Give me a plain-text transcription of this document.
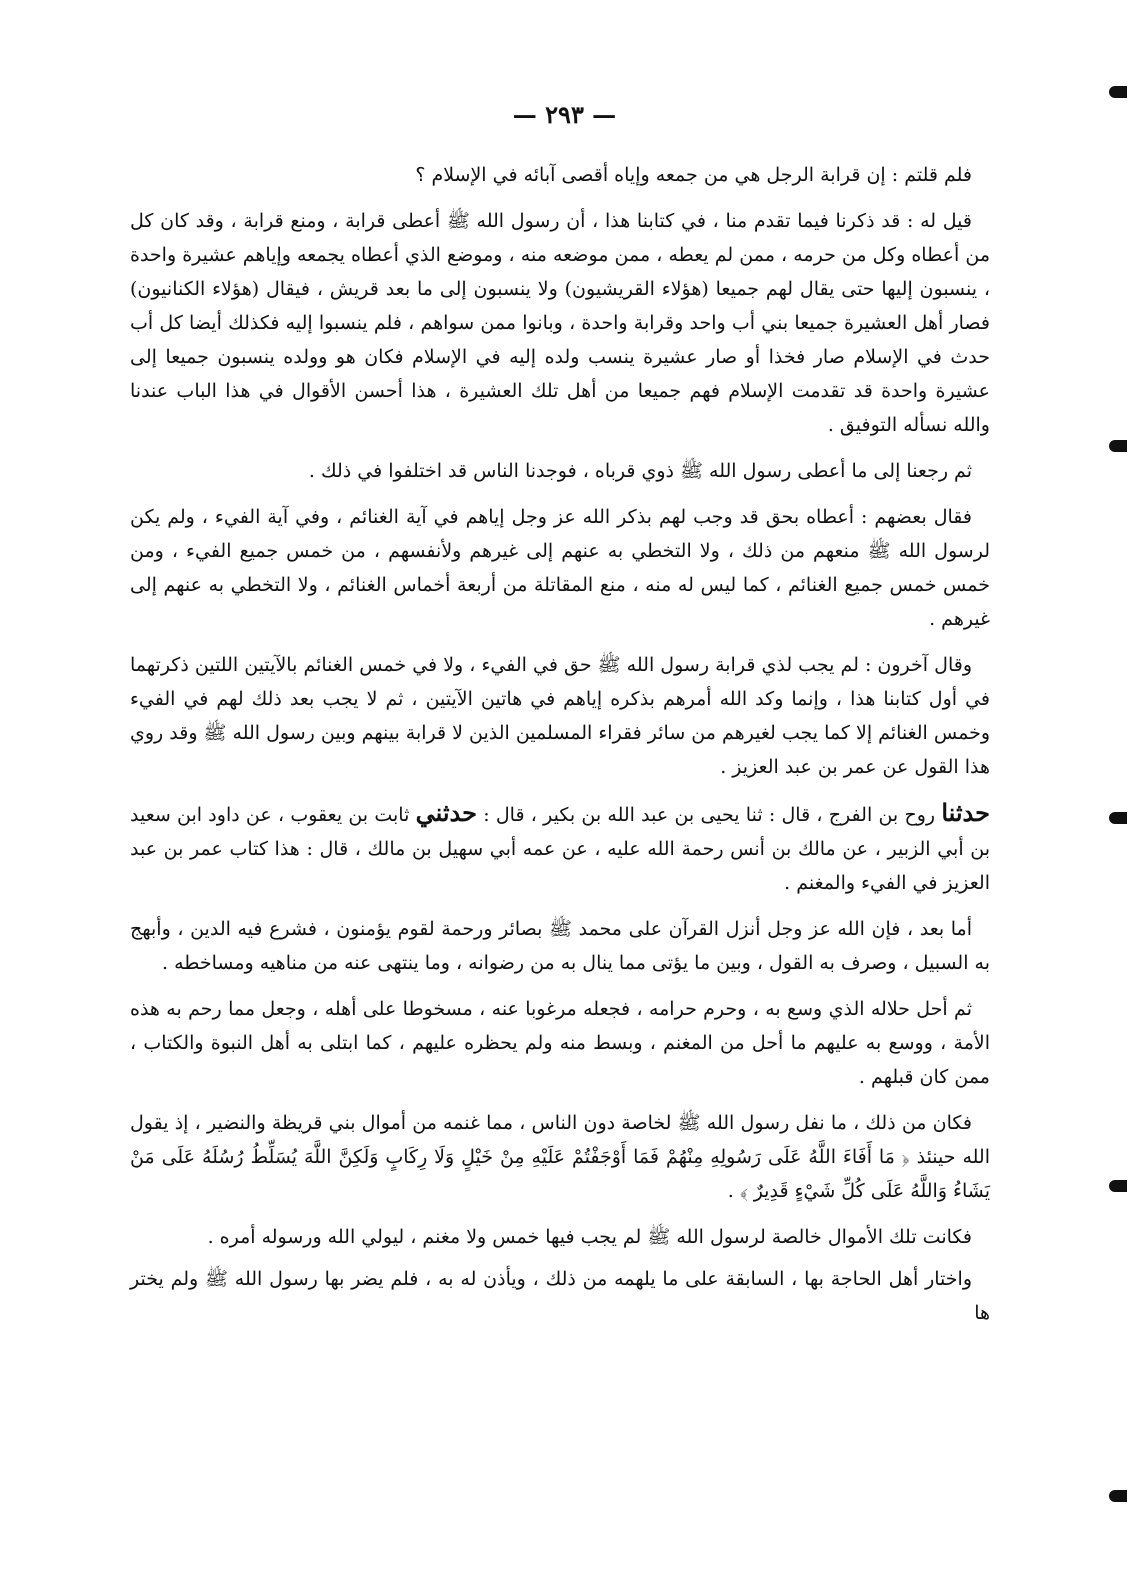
— ٢٩٣ —

فلم قلتم : إن قرابة الرجل هي من جمعه وإياه أقصى آبائه في الإسلام ؟

قيل له : قد ذكرنا فيما تقدم منا ، في كتابنا هذا ، أن رسول الله ﷺ أعطى قرابة ، ومنع قرابة ، وقد كان كل من أعطاه وكل من حرمه ، ممن لم يعطه ، ممن موضعه منه ، وموضع الذي أعطاه يجمعه وإياهم عشيرة واحدة ، ينسبون إليها حتى يقال لهم جميعا (هؤلاء القريشيون) ولا ينسبون إلى ما بعد قريش ، فيقال (هؤلاء الكنانيون) فصار أهل العشيرة جميعا بني أب واحد وقرابة واحدة ، وبانوا ممن سواهم ، فلم ينسبوا إليه فكذلك أيضا كل أب حدث في الإسلام صار فخذا أو صار عشيرة ينسب ولده إليه في الإسلام فكان هو وولده ينسبون جميعا إلى عشيرة واحدة قد تقدمت الإسلام فهم جميعا من أهل تلك العشيرة ، هذا أحسن الأقوال في هذا الباب عندنا والله نسأله التوفيق .

ثم رجعنا إلى ما أعطى رسول الله ﷺ ذوي قرباه ، فوجدنا الناس قد اختلفوا في ذلك .

فقال بعضهم : أعطاه بحق قد وجب لهم بذكر الله عز وجل إياهم في آية الغنائم ، وفي آية الفيء ، ولم يكن لرسول الله ﷺ منعهم من ذلك ، ولا التخطي به عنهم إلى غيرهم ولأنفسهم ، من خمس جميع الفيء ، ومن خمس خمس جميع الغنائم ، كما ليس له منه ، منع المقاتلة من أربعة أخماس الغنائم ، ولا التخطي به عنهم إلى غيرهم .

وقال آخرون : لم يجب لذي قرابة رسول الله ﷺ حق في الفيء ، ولا في خمس الغنائم بالآيتين اللتين ذكرتهما في أول كتابنا هذا ، وإنما وكد الله أمرهم بذكره إياهم في هاتين الآيتين ، ثم لا يجب بعد ذلك لهم في الفيء وخمس الغنائم إلا كما يجب لغيرهم من سائر فقراء المسلمين الذين لا قرابة بينهم وبين رسول الله ﷺ وقد روي هذا القول عن عمر بن عبد العزيز .

حدثنا روح بن الفرج ، قال : ثنا يحيى بن عبد الله بن بكير ، قال : حدثني ثابت بن يعقوب ، عن داود ابن سعيد بن أبي الزبير ، عن مالك بن أنس رحمة الله عليه ، عن عمه أبي سهيل بن مالك ، قال : هذا كتاب عمر بن عبد العزيز في الفيء والمغنم .

أما بعد ، فإن الله عز وجل أنزل القرآن على محمد ﷺ بصائر ورحمة لقوم يؤمنون ، فشرع فيه الدين ، وأبهج به السبيل ، وصرف به القول ، وبين ما يؤتى مما ينال به من رضوانه ، وما ينتهى عنه من مناهيه ومساخطه .

ثم أحل حلاله الذي وسع به ، وحرم حرامه ، فجعله مرغوبا عنه ، مسخوطا على أهله ، وجعل مما رحم به هذه الأمة ، ووسع به عليهم ما أحل من المغنم ، وبسط منه ولم يحظره عليهم ، كما ابتلى به أهل النبوة والكتاب ، ممن كان قبلهم .

فكان من ذلك ، ما نفل رسول الله ﷺ لخاصة دون الناس ، مما غنمه من أموال بني قريظة والنضير ، إذ يقول الله حينئذ ﴿ مَا أَفَاءَ اللَّهُ عَلَى رَسُولِهِ مِنْهُمْ فَمَا أَوْجَفْتُمْ عَلَيْهِ مِنْ خَيْلٍ وَلَا رِكَابٍ وَلَكِنَّ اللَّهَ يُسَلِّطُ رُسُلَهُ عَلَى مَنْ يَشَاءُ وَاللَّهُ عَلَى كُلِّ شَيْءٍ قَدِيرٌ ﴾ .

فكانت تلك الأموال خالصة لرسول الله ﷺ لم يجب فيها خمس ولا مغنم ، ليولي الله ورسوله أمره .

واختار أهل الحاجة بها ، السابقة على ما يلهمه من ذلك ، ويأذن له به ، فلم يضر بها رسول الله ﷺ ولم يختر ها
